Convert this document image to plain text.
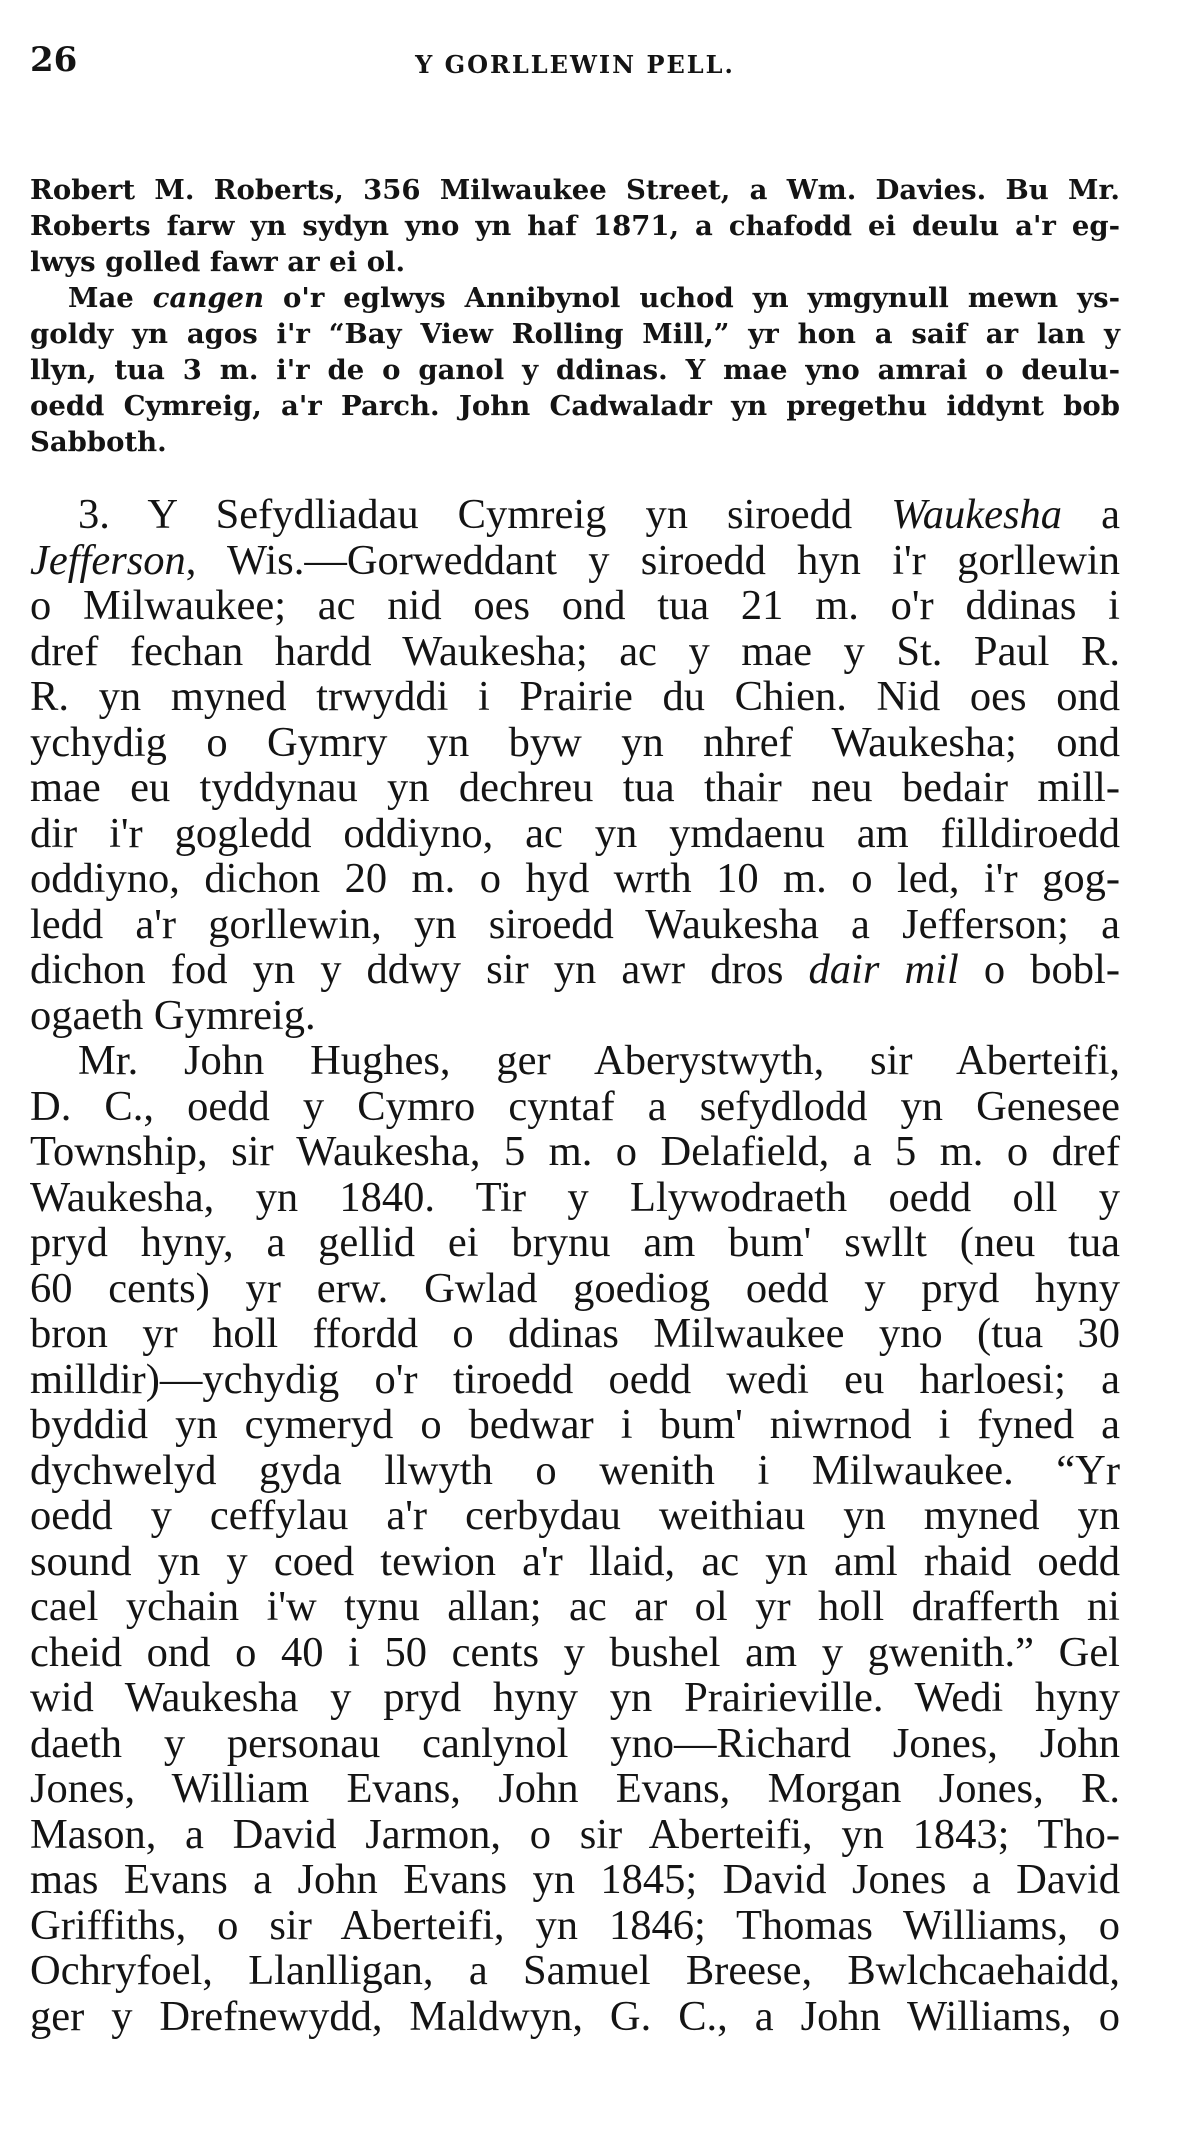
26	Y GORLLEWIN PELL.

Robert M. Roberts, 356 Milwaukee Street, a Wm. Davies. Bu Mr.
Roberts farw yn sydyn yno yn haf 1871, a chafodd ei deulu a'r eg-
lwys golled fawr ar ei ol.

Mae cangen o'r eglwys Annibynol uchod yn ymgynull mewn ys-
goldy yn agos i'r “Bay View Rolling Mill,” yr hon a saif ar lan y
llyn, tua 3 m. i'r de o ganol y ddinas. Y mae yno amrai o deulu-
oedd Cymreig, a'r Parch. John Cadwaladr yn pregethu iddynt bob
Sabboth.

3. Y Sefydliadau Cymreig yn siroedd Waukesha a
Jefferson, Wis.—Gorweddant y siroedd hyn i'r gorllewin
o Milwaukee; ac nid oes ond tua 21 m. o'r ddinas i
dref fechan hardd Waukesha; ac y mae y St. Paul R.
R. yn myned trwyddi i Prairie du Chien. Nid oes ond
ychydig o Gymry yn byw yn nhref Waukesha; ond
mae eu tyddynau yn dechreu tua thair neu bedair mill-
dir i'r gogledd oddiyno, ac yn ymdaenu am filldiroedd
oddiyno, dichon 20 m. o hyd wrth 10 m. o led, i'r gog-
ledd a'r gorllewin, yn siroedd Waukesha a Jefferson; a
dichon fod yn y ddwy sir yn awr dros dair mil o bobl-
ogaeth Gymreig.

Mr. John Hughes, ger Aberystwyth, sir Aberteifi,
D. C., oedd y Cymro cyntaf a sefydlodd yn Genesee
Township, sir Waukesha, 5 m. o Delafield, a 5 m. o dref
Waukesha, yn 1840. Tir y Llywodraeth oedd oll y
pryd hyny, a gellid ei brynu am bum' swllt (neu tua
60 cents) yr erw. Gwlad goediog oedd y pryd hyny
bron yr holl ffordd o ddinas Milwaukee yno (tua 30
milldir)—ychydig o'r tiroedd oedd wedi eu harloesi; a
byddid yn cymeryd o bedwar i bum' niwrnod i fyned a
dychwelyd gyda llwyth o wenith i Milwaukee. “Yr
oedd y ceffylau a'r cerbydau weithiau yn myned yn
sound yn y coed tewion a'r llaid, ac yn aml rhaid oedd
cael ychain i'w tynu allan; ac ar ol yr holl drafferth ni
cheid ond o 40 i 50 cents y bushel am y gwenith.” Gel
wid Waukesha y pryd hyny yn Prairieville. Wedi hyny
daeth y personau canlynol yno—Richard Jones, John
Jones, William Evans, John Evans, Morgan Jones, R.
Mason, a David Jarmon, o sir Aberteifi, yn 1843; Tho-
mas Evans a John Evans yn 1845; David Jones a David
Griffiths, o sir Aberteifi, yn 1846; Thomas Williams, o
Ochryfoel, Llanlligan, a Samuel Breese, Bwlchcaehaidd,
ger y Drefnewydd, Maldwyn, G. C., a John Williams, o
